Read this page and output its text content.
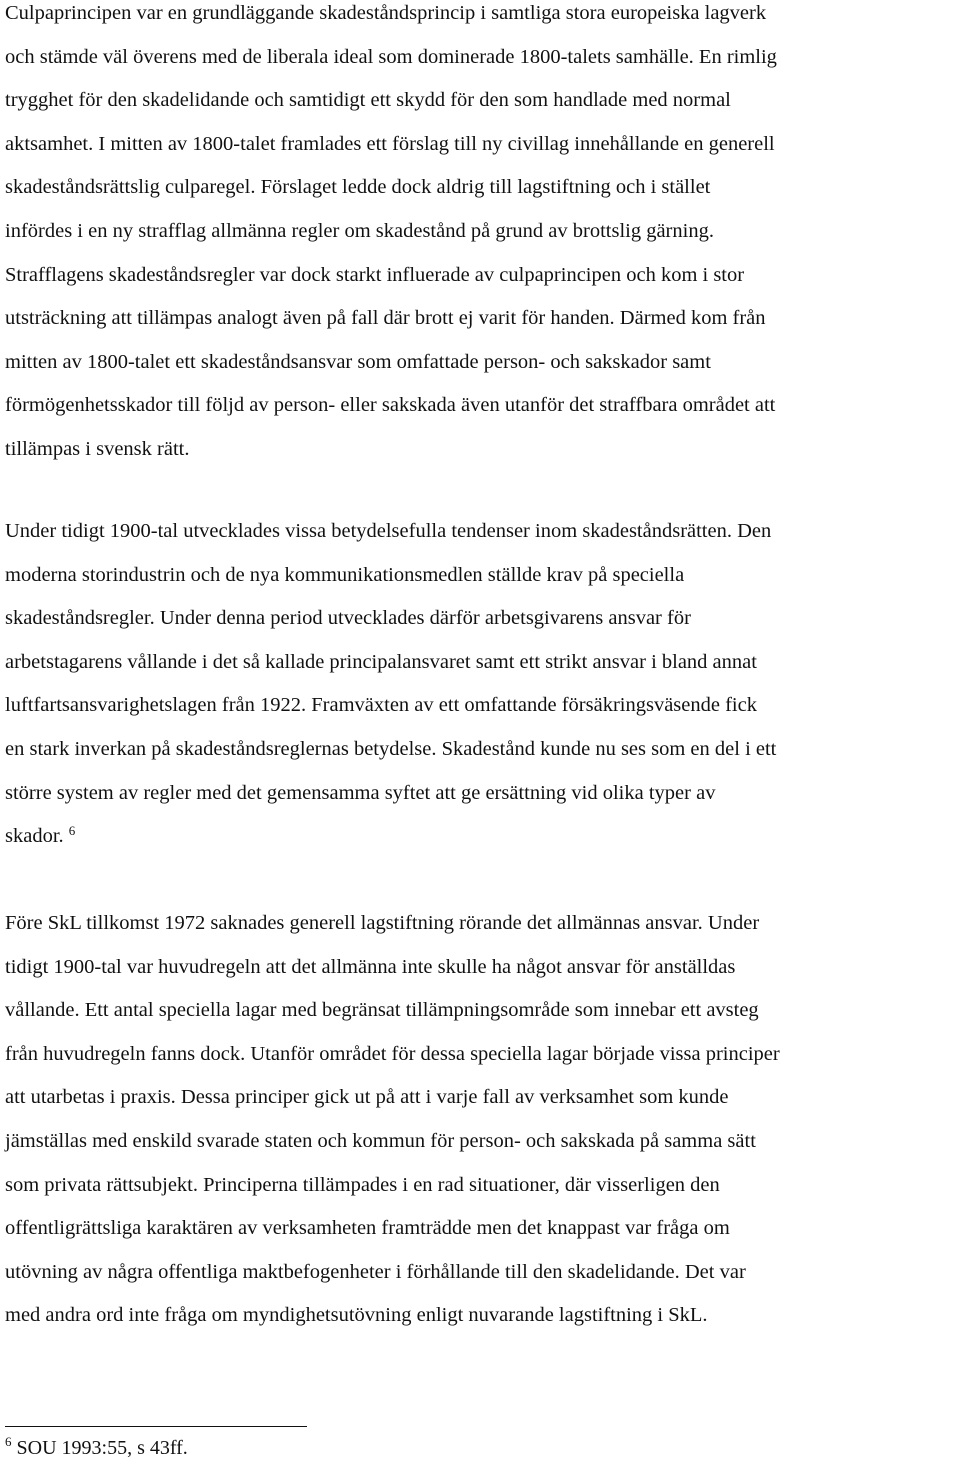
Culpaprincipen var en grundläggande skadeståndsprincip i samtliga stora europeiska lagverk
och stämde väl överens med de liberala ideal som dominerade 1800-talets samhälle. En rimlig
trygghet för den skadelidande och samtidigt ett skydd för den som handlade med normal
aktsamhet. I mitten av 1800-talet framlades ett förslag till ny civillag innehållande en generell
skadeståndsrättslig culparegel. Förslaget ledde dock aldrig till lagstiftning och i stället
infördes i en ny strafflag allmänna regler om skadestånd på grund av brottslig gärning.
Strafflagens skadeståndsregler var dock starkt influerade av culpaprincipen och kom i stor
utsträckning att tillämpas analogt även på fall där brott ej varit för handen. Därmed kom från
mitten av 1800-talet ett skadeståndsansvar som omfattade person- och sakskador samt
förmögenhetsskador till följd av person- eller sakskada även utanför det straffbara området att
tillämpas i svensk rätt.

Under tidigt 1900-tal utvecklades vissa betydelsefulla tendenser inom skadeståndsrätten. Den
moderna storindustrin och de nya kommunikationsmedlen ställde krav på speciella
skadeståndsregler. Under denna period utvecklades därför arbetsgivarens ansvar för
arbetstagarens vållande i det så kallade principalansvaret samt ett strikt ansvar i bland annat
luftfartsansvarighetslagen från 1922. Framväxten av ett omfattande försäkringsväsende fick
en stark inverkan på skadeståndsreglernas betydelse. Skadestånd kunde nu ses som en del i ett
större system av regler med det gemensamma syftet att ge ersättning vid olika typer av
skador. $^6$

Före SkL tillkomst 1972 saknades generell lagstiftning rörande det allmännas ansvar. Under
tidigt 1900-tal var huvudregeln att det allmänna inte skulle ha något ansvar för anställdas
vållande. Ett antal speciella lagar med begränsat tillämpningsområde som innebar ett avsteg
från huvudregeln fanns dock. Utanför området för dessa speciella lagar började vissa principer
att utarbetas i praxis. Dessa principer gick ut på att i varje fall av verksamhet som kunde
jämställas med enskild svarade staten och kommun för person- och sakskada på samma sätt
som privata rättsubjekt. Principerna tillämpades i en rad situationer, där visserligen den
offentligrättsliga karaktären av verksamheten framträdde men det knappast var fråga om
utövning av några offentliga maktbefogenheter i förhållande till den skadelidande. Det var
med andra ord inte fråga om myndighetsutövning enligt nuvarande lagstiftning i SkL.

$^6$ SOU 1993:55, s 43ff.
